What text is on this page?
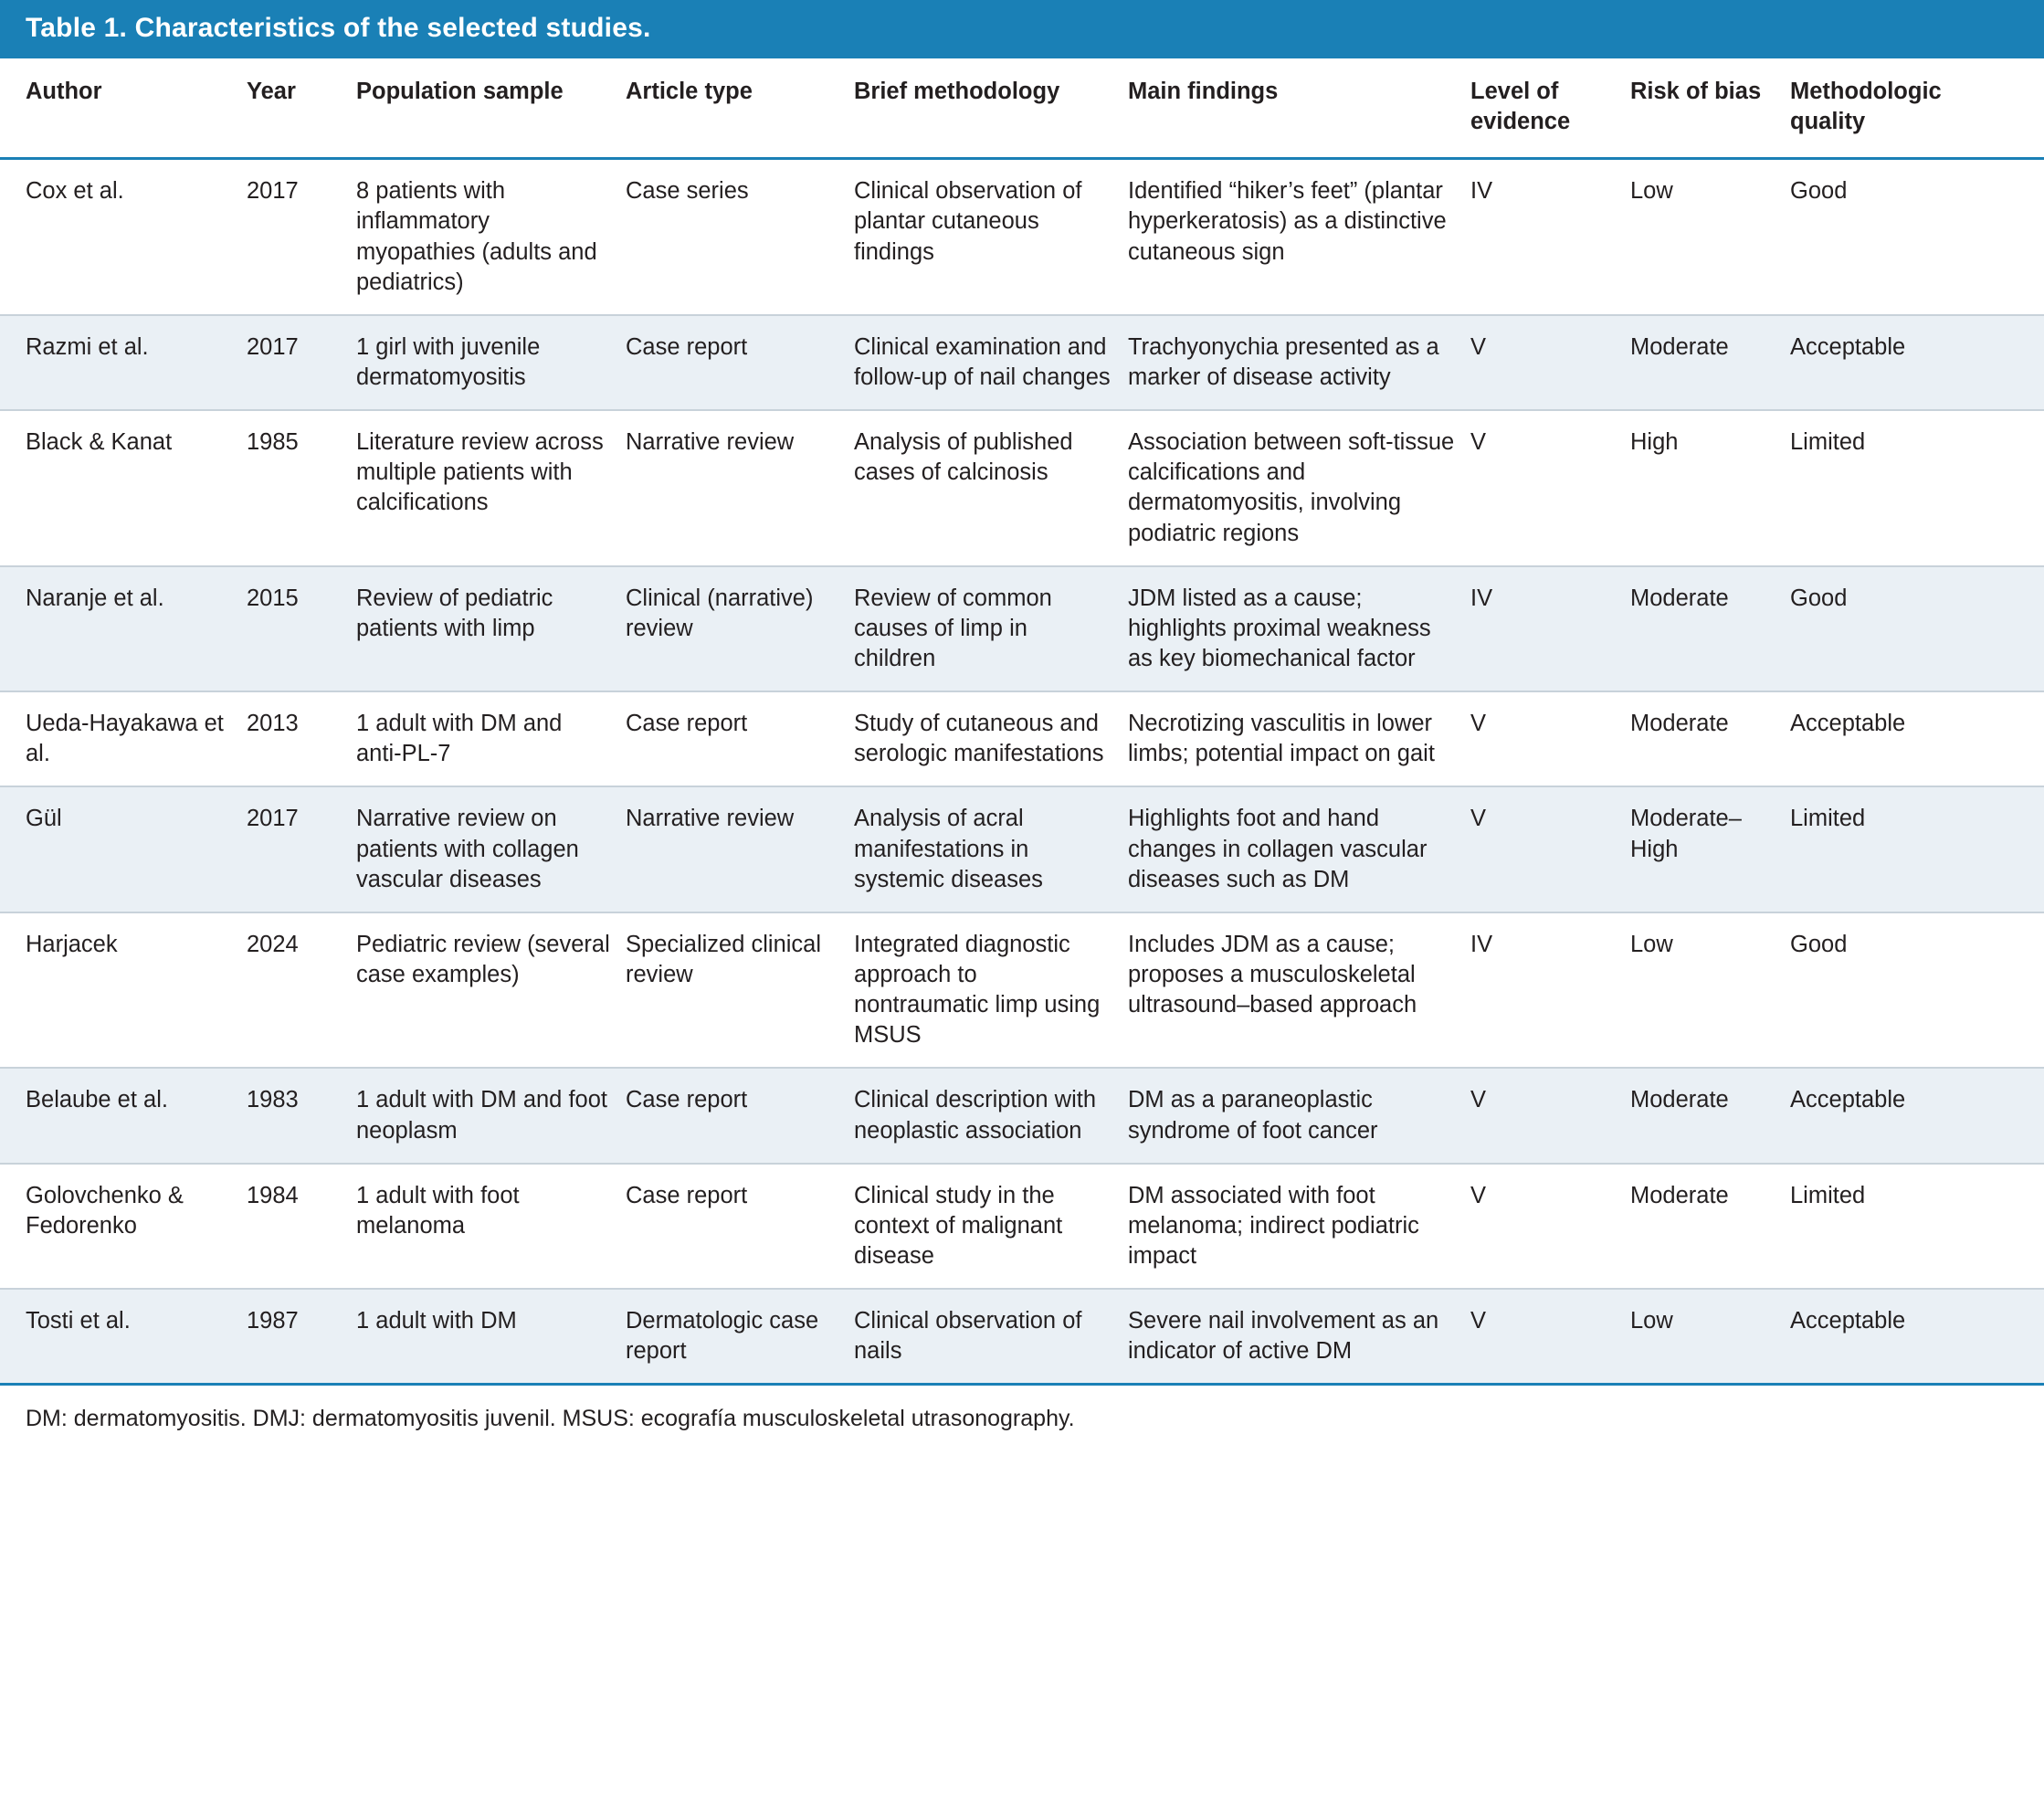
Table 1. Characteristics of the selected studies.
Author	Year	Population sample	Article type	Brief methodology	Main findings	Level of evidence	Risk of bias	Methodologic quality
Cox et al.	2017	8 patients with inflammatory myopathies (adults and pediatrics)	Case series	Clinical observation of plantar cutaneous findings	Identified “hiker’s feet” (plantar hyperkeratosis) as a distinctive cutaneous sign	IV	Low	Good
Razmi et al.	2017	1 girl with juvenile dermatomyositis	Case report	Clinical examination and follow-up of nail changes	Trachyonychia presented as a marker of disease activity	V	Moderate	Acceptable
Black & Kanat	1985	Literature review across multiple patients with calcifications	Narrative review	Analysis of published cases of calcinosis	Association between soft-tissue calcifications and dermatomyositis, involving podiatric regions	V	High	Limited
Naranje et al.	2015	Review of pediatric patients with limp	Clinical (narrative) review	Review of common causes of limp in children	JDM listed as a cause; highlights proximal weakness as key biomechanical factor	IV	Moderate	Good
Ueda-Hayakawa et al.	2013	1 adult with DM and anti-PL-7	Case report	Study of cutaneous and serologic manifestations	Necrotizing vasculitis in lower limbs; potential impact on gait	V	Moderate	Acceptable
Gül	2017	Narrative review on patients with collagen vascular diseases	Narrative review	Analysis of acral manifestations in systemic diseases	Highlights foot and hand changes in collagen vascular diseases such as DM	V	Moderate–High	Limited
Harjacek	2024	Pediatric review (several case examples)	Specialized clinical review	Integrated diagnostic approach to nontraumatic limp using MSUS	Includes JDM as a cause; proposes a musculoskeletal ultrasound–based approach	IV	Low	Good
Belaube et al.	1983	1 adult with DM and foot neoplasm	Case report	Clinical description with neoplastic association	DM as a paraneoplastic syndrome of foot cancer	V	Moderate	Acceptable
Golovchenko & Fedorenko	1984	1 adult with foot melanoma	Case report	Clinical study in the context of malignant disease	DM associated with foot melanoma; indirect podiatric impact	V	Moderate	Limited
Tosti et al.	1987	1 adult with DM	Dermatologic case report	Clinical observation of nails	Severe nail involvement as an indicator of active DM	V	Low	Acceptable
DM: dermatomyositis. DMJ: dermatomyositis juvenil. MSUS: ecografía musculoskeletal utrasonography.
